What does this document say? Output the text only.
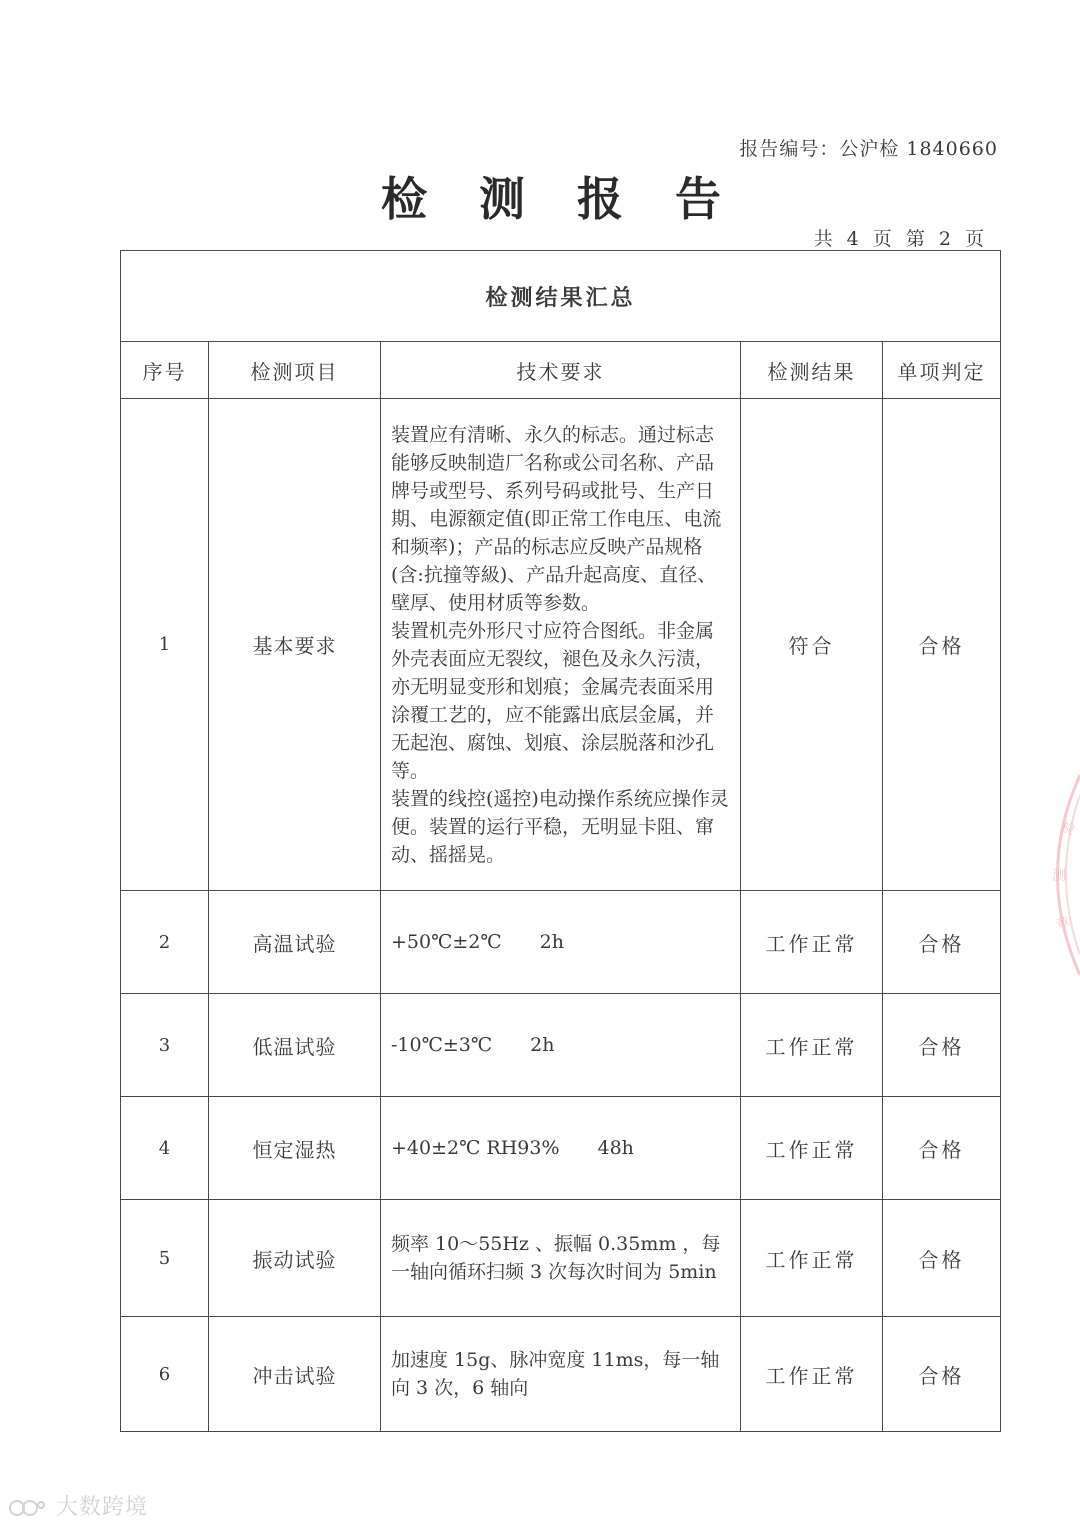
报告编号：公沪检 1840660
检 测 报 告
共 4 页 第 2 页
检测结果汇总				
序号	检测项目	技术要求	检测结果	单项判定
1	基本要求	装置应有清晰、永久的标志。通过标志能够反映制造厂名称或公司名称、产品牌号或型号、系列号码或批号、生产日期、电源额定值(即正常工作电压、电流和频率)；产品的标志应反映产品规格(含:抗撞等級)、产品升起高度、直径、壁厚、使用材质等参数。
装置机壳外形尺寸应符合图纸。非金属外壳表面应无裂纹，褪色及永久污渍，亦无明显变形和划痕；金属壳表面采用涂覆工艺的，应不能露出底层金属，并无起泡、腐蚀、划痕、涂层脱落和沙孔等。
装置的线控(遥控)电动操作系统应操作灵便。装置的运行平稳，无明显卡阻、窜动、摇摇晃。	符合	合格
2	高温试验	+50℃±2℃　　2h	工作正常	合格
3	低温试验	-10℃±3℃　　2h	工作正常	合格
4	恒定湿热	+40±2℃ RH93%　　48h	工作正常	合格
5	振动试验	频率 10～55Hz 、振幅 0.35mm ，每一轴向循环扫频 3 次每次时间为 5min	工作正常	合格
6	冲击试验	加速度 15g、脉冲宽度 11ms，每一轴向 3 次，6 轴向	工作正常	合格
检
测
章
大数跨境
